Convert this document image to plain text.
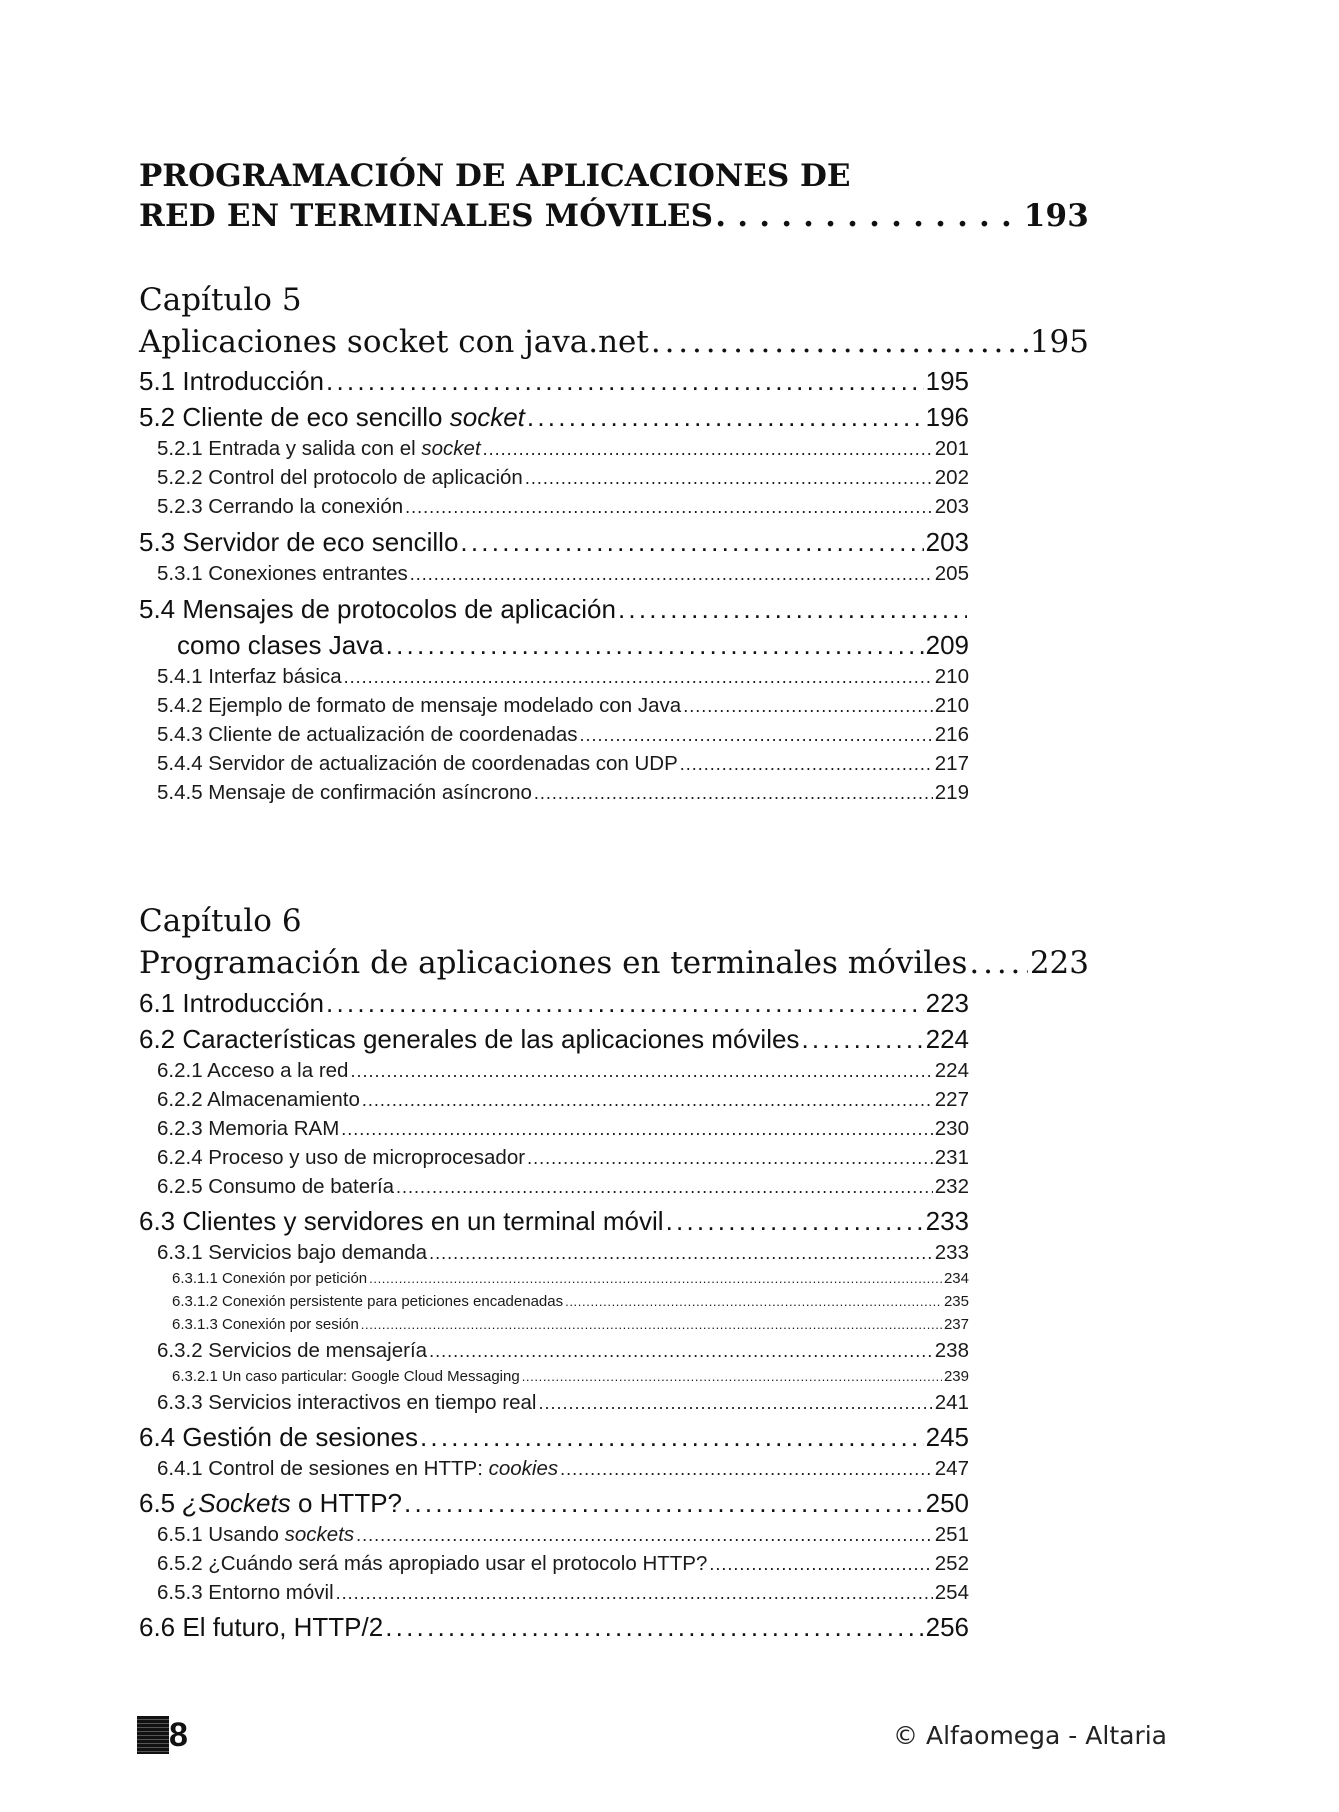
PROGRAMACIÓN DE APLICACIONES DE
RED EN TERMINALES MÓVILES . . .	193
Capítulo 5
Aplicaciones socket con java.net . . .	195
5.1 Introducción . . .	195
5.2 Cliente de eco sencillo socket . . .	196
5.2.1 Entrada y salida con el socket . . .	201
5.2.2 Control del protocolo de aplicación . . .	202
5.2.3 Cerrando la conexión . . .	203
5.3 Servidor de eco sencillo . . .	203
5.3.1 Conexiones entrantes . . .	205
5.4 Mensajes de protocolos de aplicación
. . .
como clases Java . . .	209
5.4.1 Interfaz básica . . .	210
5.4.2 Ejemplo de formato de mensaje modelado con Java . . .	210
5.4.3 Cliente de actualización de coordenadas . . .	216
5.4.4 Servidor de actualización de coordenadas con UDP . . .	217
5.4.5 Mensaje de confirmación asíncrono . . .	219
Capítulo 6
Programación de aplicaciones en terminales móviles . . . 223
6.1 Introducción . . .	223
6.2 Características generales de las aplicaciones móviles . . .	224
6.2.1 Acceso a la red . . .	224
6.2.2 Almacenamiento . . .	227
6.2.3 Memoria RAM . . .	230
6.2.4 Proceso y uso de microprocesador . . .	231
6.2.5 Consumo de batería . . .	232
6.3 Clientes y servidores en un terminal móvil . . .	233
6.3.1 Servicios bajo demanda . . .	233
6.3.1.1 Conexión por petición . . .	234
6.3.1.2 Conexión persistente para peticiones encadenadas . . .	235
6.3.1.3 Conexión por sesión . . .	237
6.3.2 Servicios de mensajería . . .	238
6.3.2.1 Un caso particular: Google Cloud Messaging . . .	239
6.3.3 Servicios interactivos en tiempo real . . .	241
6.4 Gestión de sesiones . . .	245
6.4.1 Control de sesiones en HTTP: cookies . . .	247
6.5 ¿Sockets o HTTP? . . .	250
6.5.1 Usando sockets . . .	251
6.5.2 ¿Cuándo será más apropiado usar el protocolo HTTP? . . .	252
6.5.3 Entorno móvil . . .	254
6.6 El futuro, HTTP/2 . . .	256
8	© Alfaomega - Altaria
